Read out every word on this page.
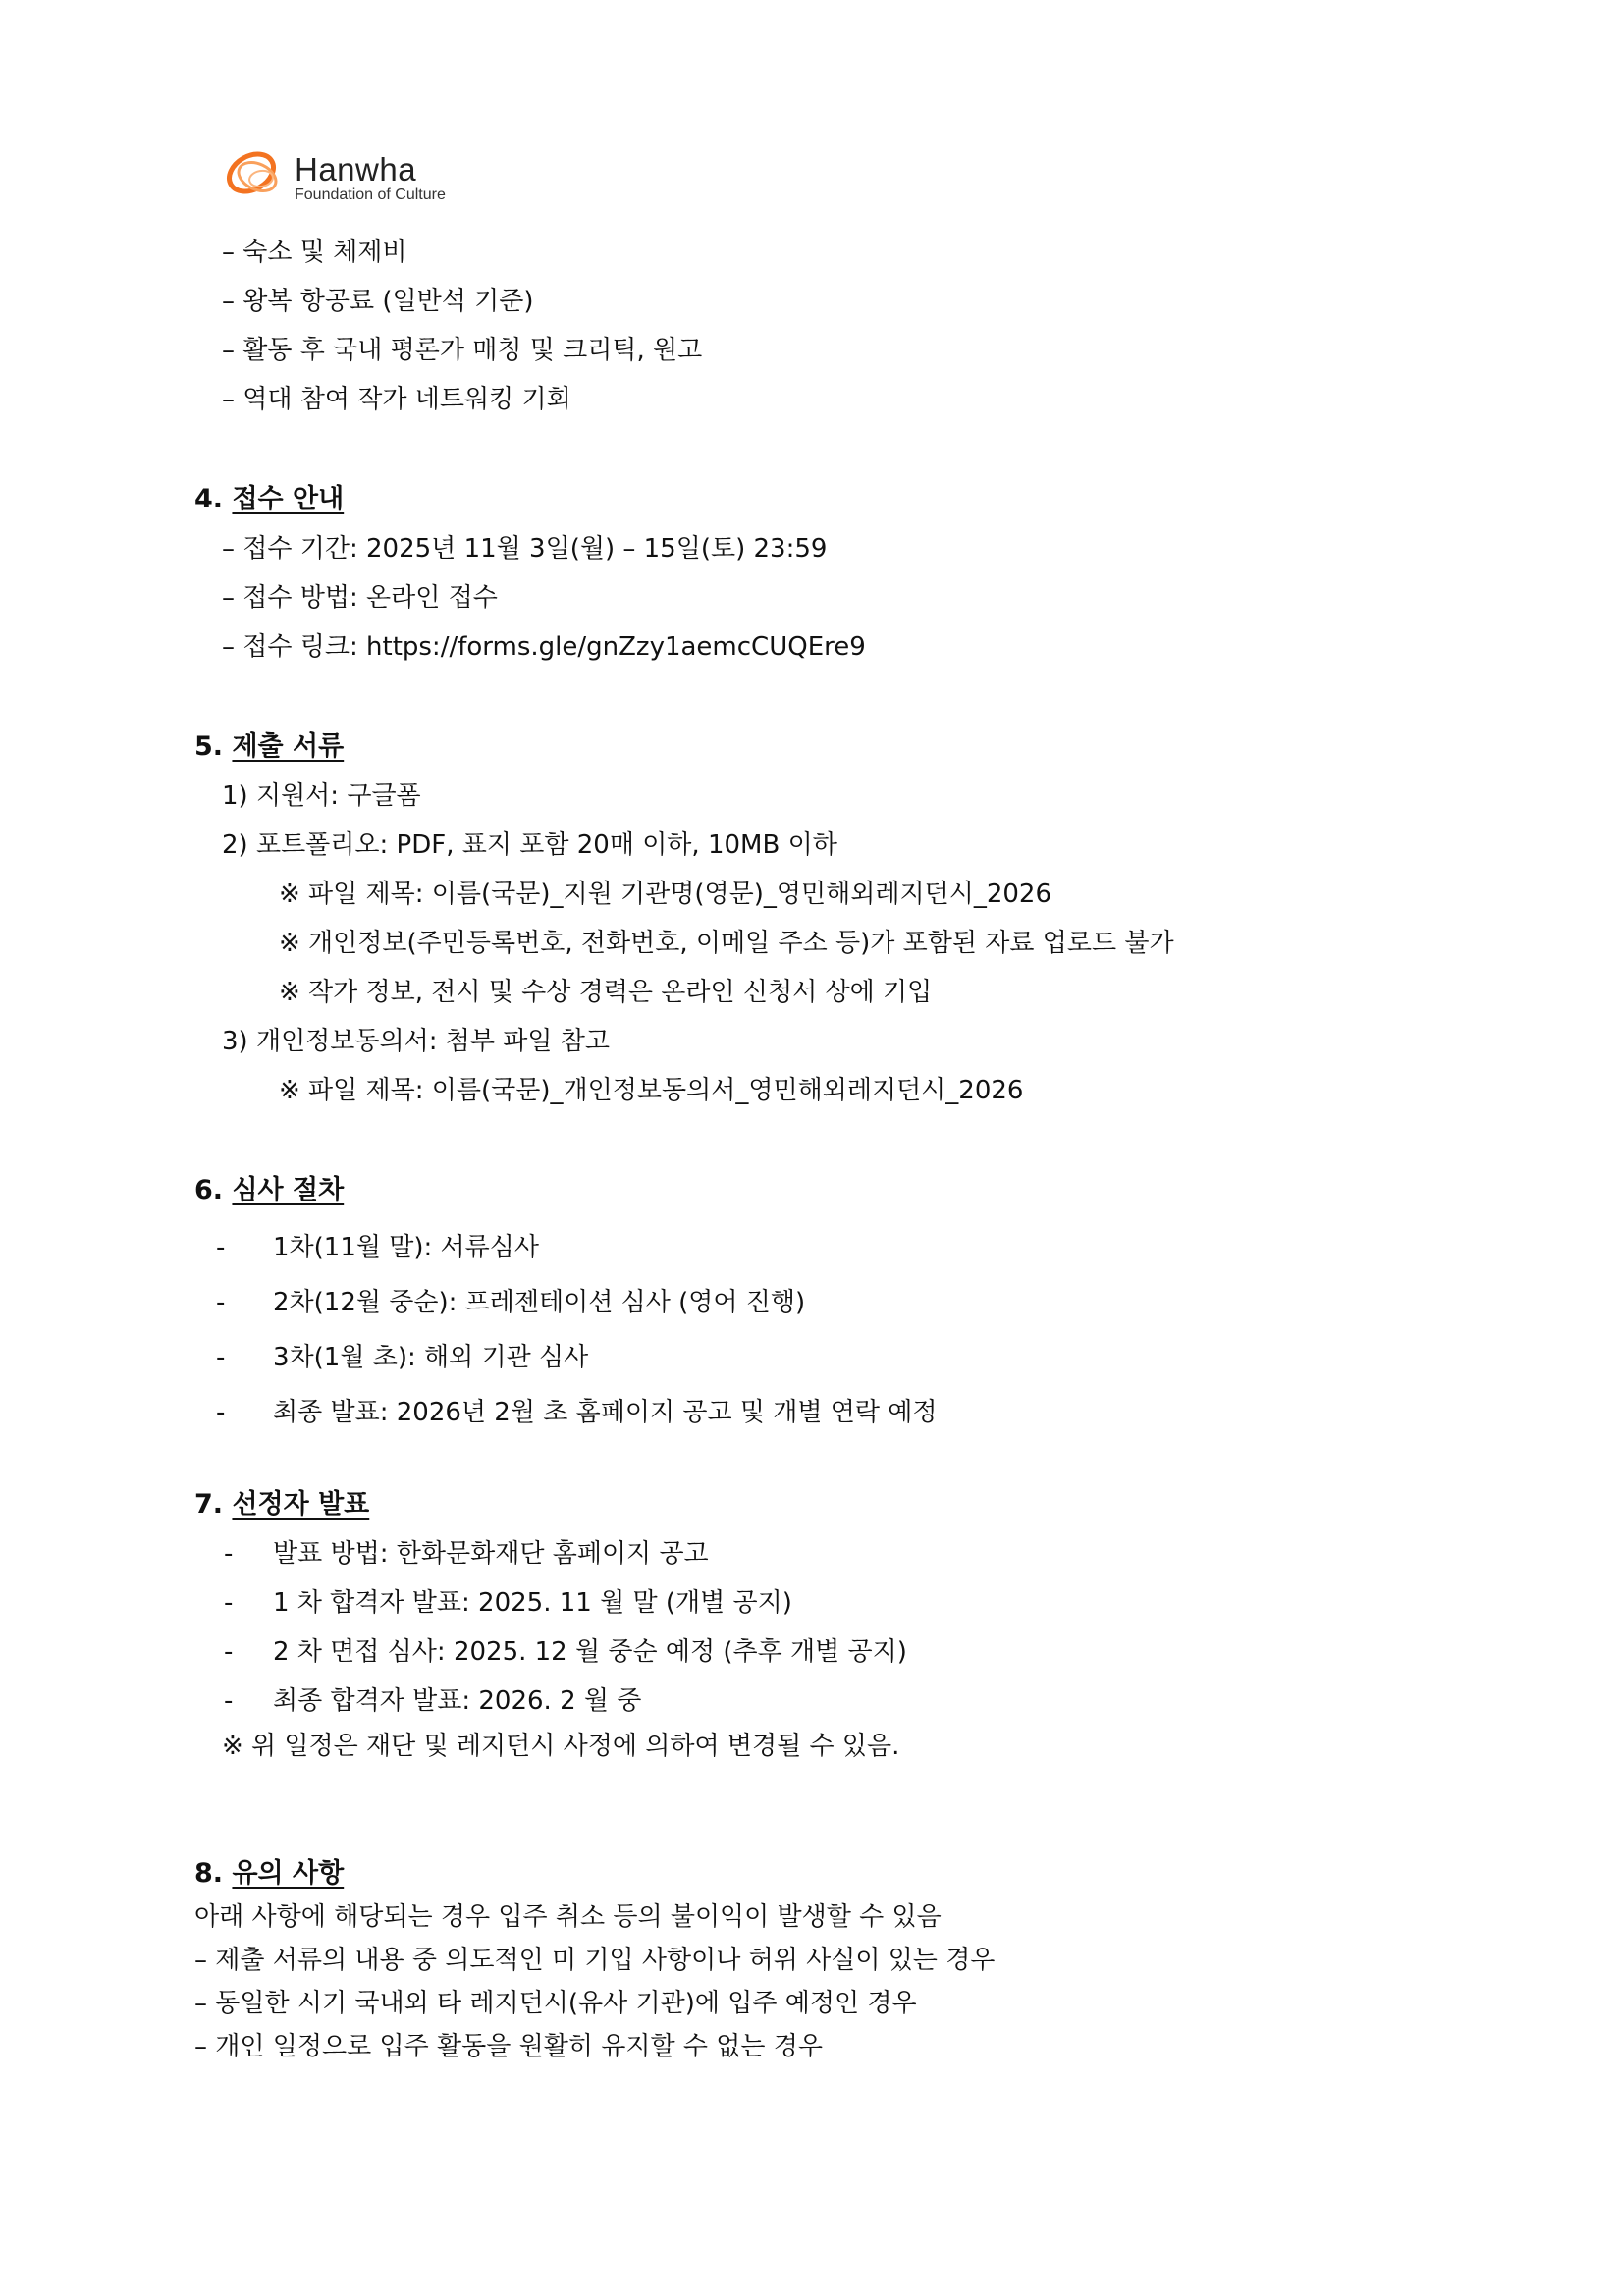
Hanwha
Foundation of Culture
– 숙소 및 체제비
– 왕복 항공료 (일반석 기준)
– 활동 후 국내 평론가 매칭 및 크리틱, 원고
– 역대 참여 작가 네트워킹 기회
4. 접수 안내
– 접수 기간: 2025년 11월 3일(월) – 15일(토) 23:59
– 접수 방법: 온라인 접수
– 접수 링크: https://forms.gle/gnZzy1aemcCUQEre9
5. 제출 서류
1) 지원서: 구글폼
2) 포트폴리오: PDF, 표지 포함 20매 이하, 10MB 이하
※ 파일 제목: 이름(국문)_지원 기관명(영문)_영민해외레지던시_2026
※ 개인정보(주민등록번호, 전화번호, 이메일 주소 등)가 포함된 자료 업로드 불가
※ 작가 정보, 전시 및 수상 경력은 온라인 신청서 상에 기입
3) 개인정보동의서: 첨부 파일 참고
※ 파일 제목: 이름(국문)_개인정보동의서_영민해외레지던시_2026
6. 심사 절차
- 1차(11월 말): 서류심사
- 2차(12월 중순): 프레젠테이션 심사 (영어 진행)
- 3차(1월 초): 해외 기관 심사
- 최종 발표: 2026년 2월 초 홈페이지 공고 및 개별 연락 예정
7. 선정자 발표
- 발표 방법: 한화문화재단 홈페이지 공고
- 1 차 합격자 발표: 2025. 11 월 말 (개별 공지)
- 2 차 면접 심사: 2025. 12 월 중순 예정 (추후 개별 공지)
- 최종 합격자 발표: 2026. 2 월 중
※ 위 일정은 재단 및 레지던시 사정에 의하여 변경될 수 있음.
8. 유의 사항
아래 사항에 해당되는 경우 입주 취소 등의 불이익이 발생할 수 있음
– 제출 서류의 내용 중 의도적인 미 기입 사항이나 허위 사실이 있는 경우
– 동일한 시기 국내외 타 레지던시(유사 기관)에 입주 예정인 경우
– 개인 일정으로 입주 활동을 원활히 유지할 수 없는 경우
